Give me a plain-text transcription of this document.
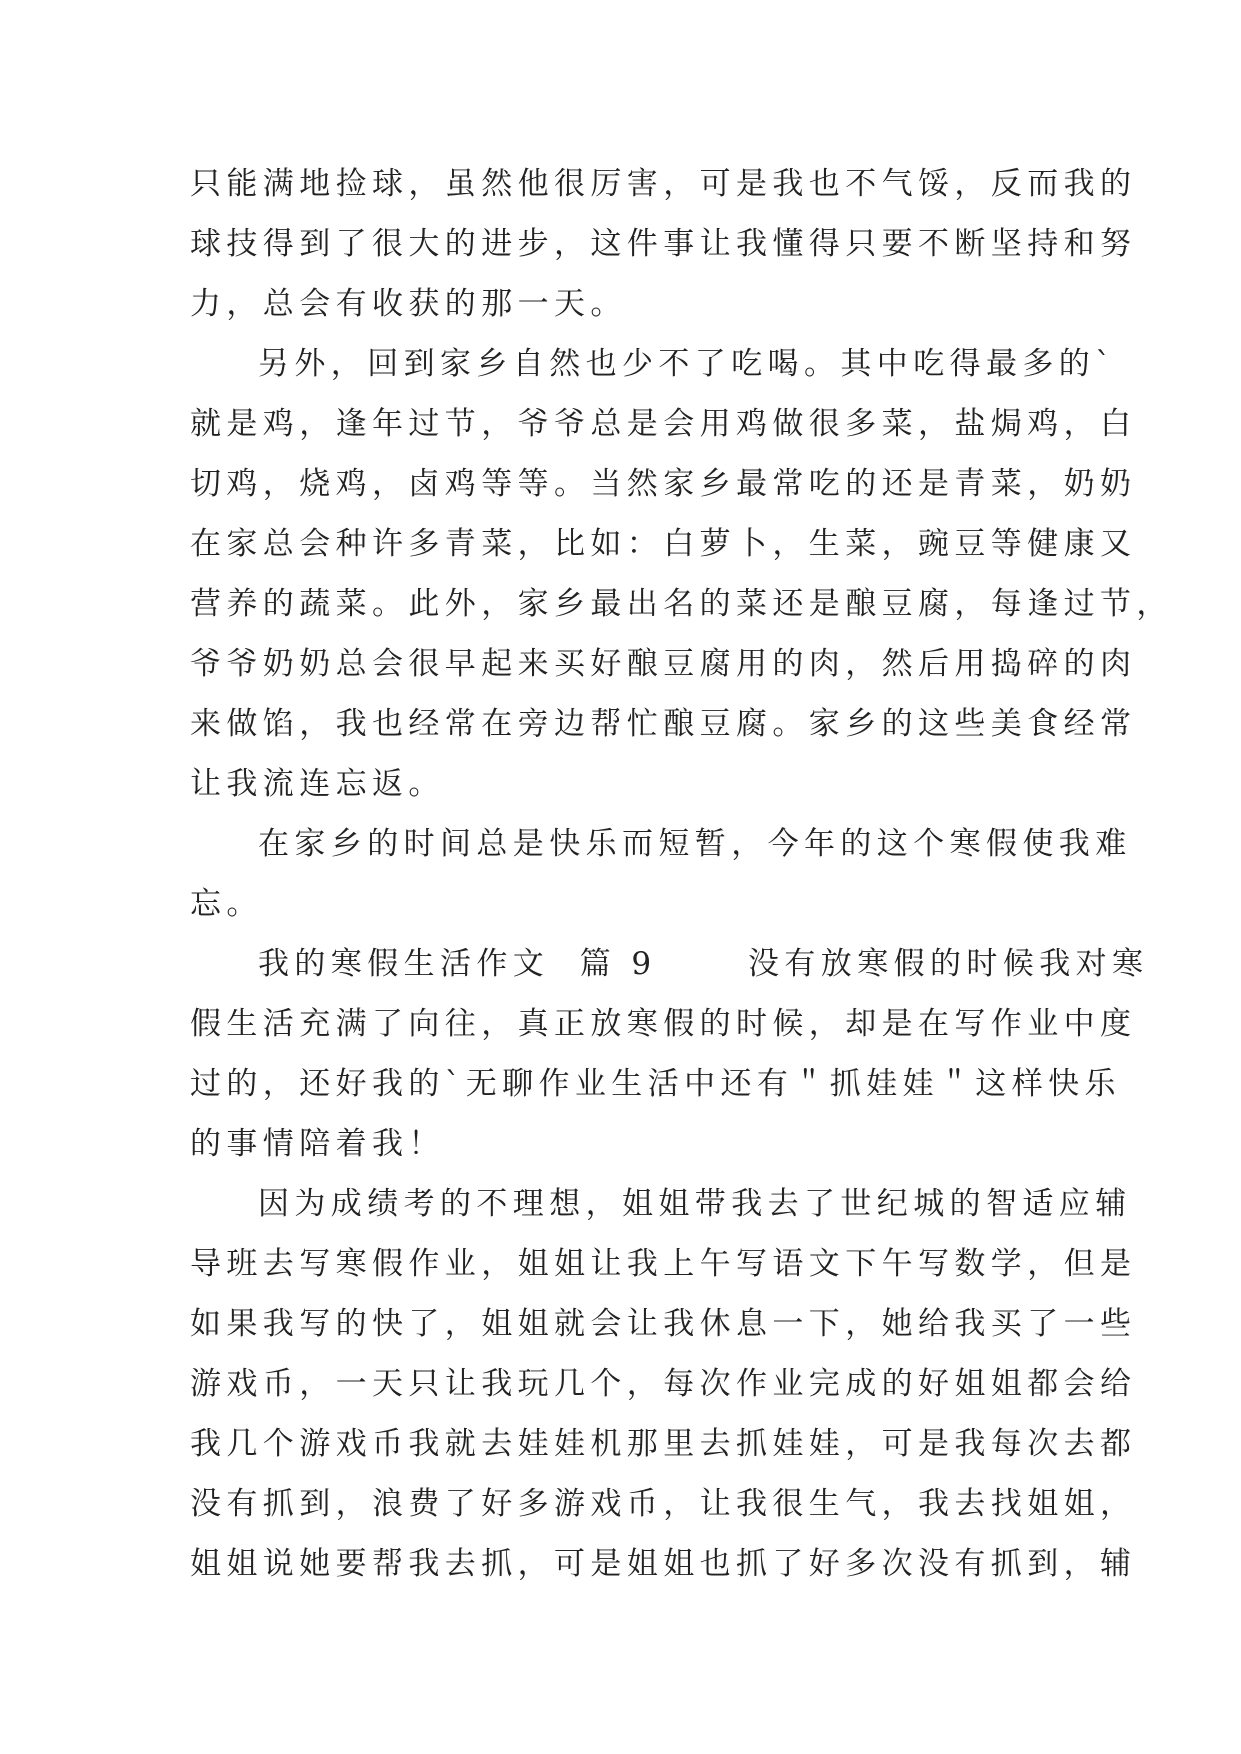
只能满地捡球，虽然他很厉害，可是我也不气馁，反而我的
球技得到了很大的进步，这件事让我懂得只要不断坚持和努
力，总会有收获的那一天。
另外，回到家乡自然也少不了吃喝。其中吃得最多的`
就是鸡，逢年过节，爷爷总是会用鸡做很多菜，盐焗鸡，白
切鸡，烧鸡，卤鸡等等。当然家乡最常吃的还是青菜，奶奶
在家总会种许多青菜，比如：白萝卜，生菜，豌豆等健康又
营养的蔬菜。此外，家乡最出名的菜还是酿豆腐，每逢过节，
爷爷奶奶总会很早起来买好酿豆腐用的肉，然后用捣碎的肉
来做馅，我也经常在旁边帮忙酿豆腐。家乡的这些美食经常
让我流连忘返。
在家乡的时间总是快乐而短暂，今年的这个寒假使我难
忘。
我的寒假生活作文  篇 9      没有放寒假的时候我对寒
假生活充满了向往，真正放寒假的时候，却是在写作业中度
过的，还好我的`无聊作业生活中还有＂抓娃娃＂这样快乐
的事情陪着我！
因为成绩考的不理想，姐姐带我去了世纪城的智适应辅
导班去写寒假作业，姐姐让我上午写语文下午写数学，但是
如果我写的快了，姐姐就会让我休息一下，她给我买了一些
游戏币，一天只让我玩几个，每次作业完成的好姐姐都会给
我几个游戏币我就去娃娃机那里去抓娃娃，可是我每次去都
没有抓到，浪费了好多游戏币，让我很生气，我去找姐姐，
姐姐说她要帮我去抓，可是姐姐也抓了好多次没有抓到，辅
